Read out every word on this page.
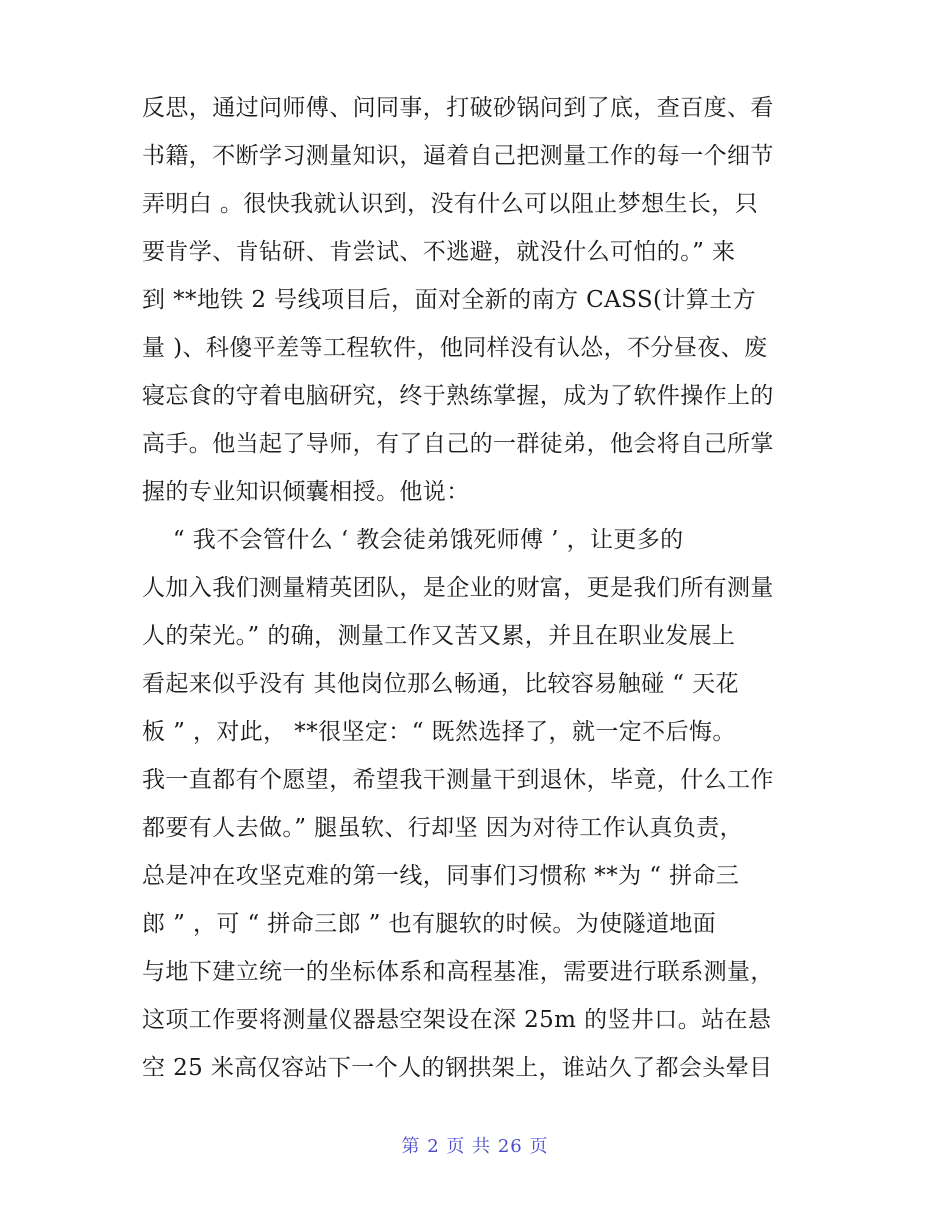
反思，通过问师傅、问同事，打破砂锅问到了底，查百度、看
书籍，不断学习测量知识，逼着自己把测量工作的每一个细节
弄明白 。很快我就认识到，没有什么可以阻止梦想生长，只
要肯学、肯钻研、肯尝试、不逃避，就没什么可怕的。” 来
到 **地铁 2 号线项目后，面对全新的南方 CASS(计算土方
量 )、科傻平差等工程软件，他同样没有认怂，不分昼夜、废
寝忘食的守着电脑研究，终于熟练掌握，成为了软件操作上的
高手。他当起了导师，有了自己的一群徒弟，他会将自己所掌
握的专业知识倾囊相授。他说：
“ 我不会管什么 ‘ 教会徒弟饿死师傅 ’ ，让更多的
人加入我们测量精英团队，是企业的财富，更是我们所有测量
人的荣光。” 的确，测量工作又苦又累，并且在职业发展上
看起来似乎没有 其他岗位那么畅通，比较容易触碰 “ 天花
板 ” ，对此， **很坚定：“ 既然选择了，就一定不后悔。
我一直都有个愿望，希望我干测量干到退休，毕竟，什么工作
都要有人去做。” 腿虽软、行却坚 因为对待工作认真负责，
总是冲在攻坚克难的第一线，同事们习惯称 **为 “ 拼命三
郎 ” ，可 “ 拼命三郎 ” 也有腿软的时候。为使隧道地面
与地下建立统一的坐标体系和高程基准，需要进行联系测量，
这项工作要将测量仪器悬空架设在深 25m 的竖井口。站在悬
空 25 米高仅容站下一个人的钢拱架上，谁站久了都会头晕目
第 2 页 共 26 页
